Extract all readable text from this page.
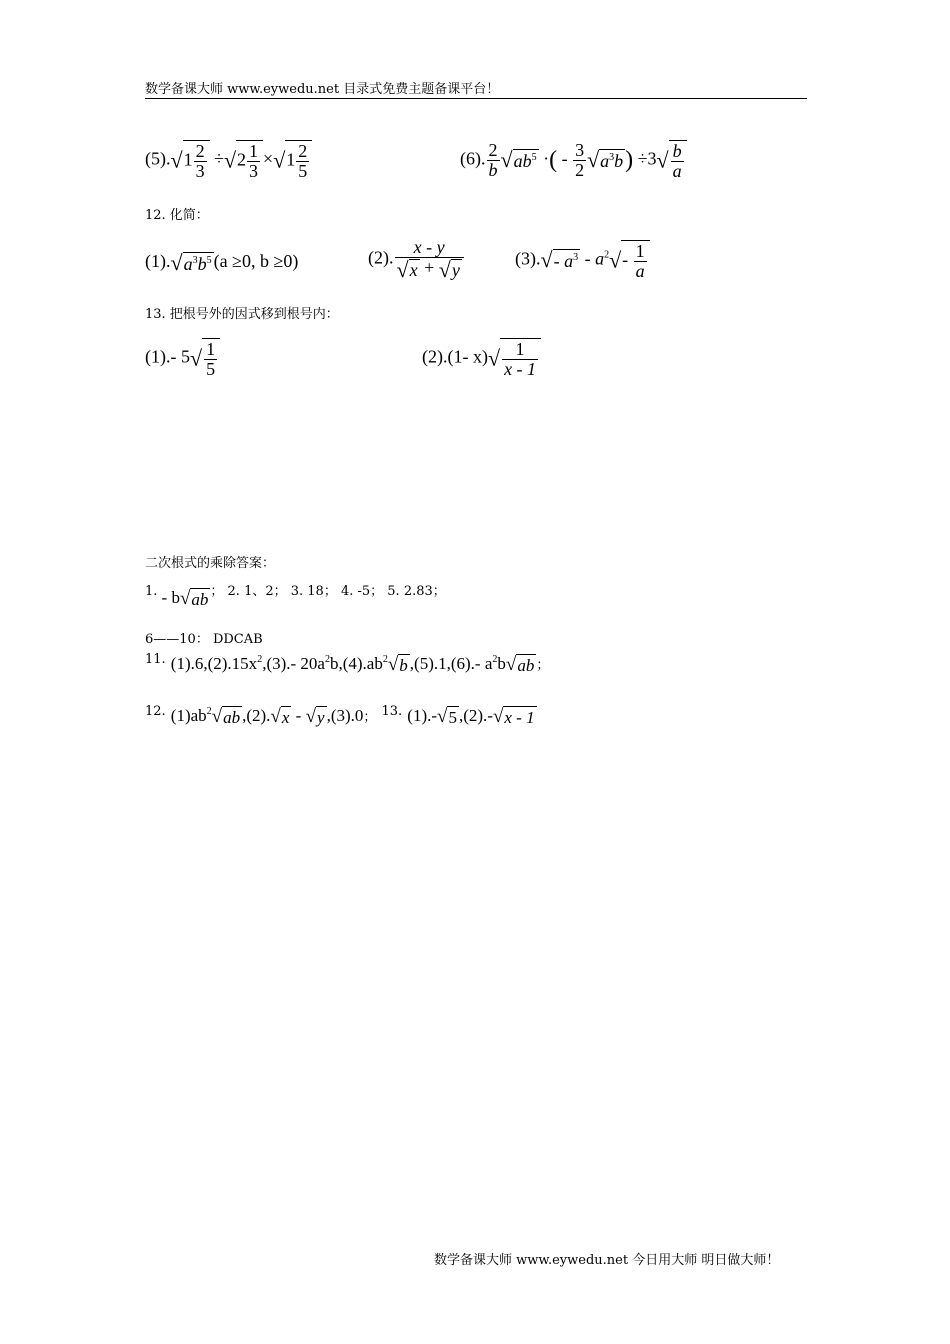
数学备课大师 www.eywedu.net 目录式免费主题备课平台！
$(5).√1 \frac{2}{3} \div√2 \frac{1}{3} \times√1 \frac{2}{5}$	(6). $\frac{2}{b} √ab^5$ ·( - $\frac{3}{2} √a^3b) \div 3√ \frac{b}{a}$
12. 化简：
$(1).√a^3b^5$ (a ≥0, b ≥0)	(2). $\frac{x - y}{√x + √y}$	(3).√- $a^3 - a^2√- \frac{1}{a}$
13. 把根号外的因式移到根号内：
(1).- $5√ \frac{1}{5}$	(2).(1- $x)√ \frac{1}{x - 1}$
二次根式的乘除答案：
1. - b√ab ； 2. 1、2； 3. 18； 4. -5； 5. 2.83；
6——10： DDCAB
$^{11.}$ $(1).6,(2).15x^2,(3).-$ $20a^2b,(4).ab^2√b$ ,(5).1,(6).- $a^2b√ab$ ；
$^{12.}$ $(1)ab^2√ab$ ,(2).√x - √y ,(3).0； $^{13.}$ (1).-√5 ,(2).-√x - 1
数学备课大师 www.eywedu.net 今日用大师 明日做大师！
